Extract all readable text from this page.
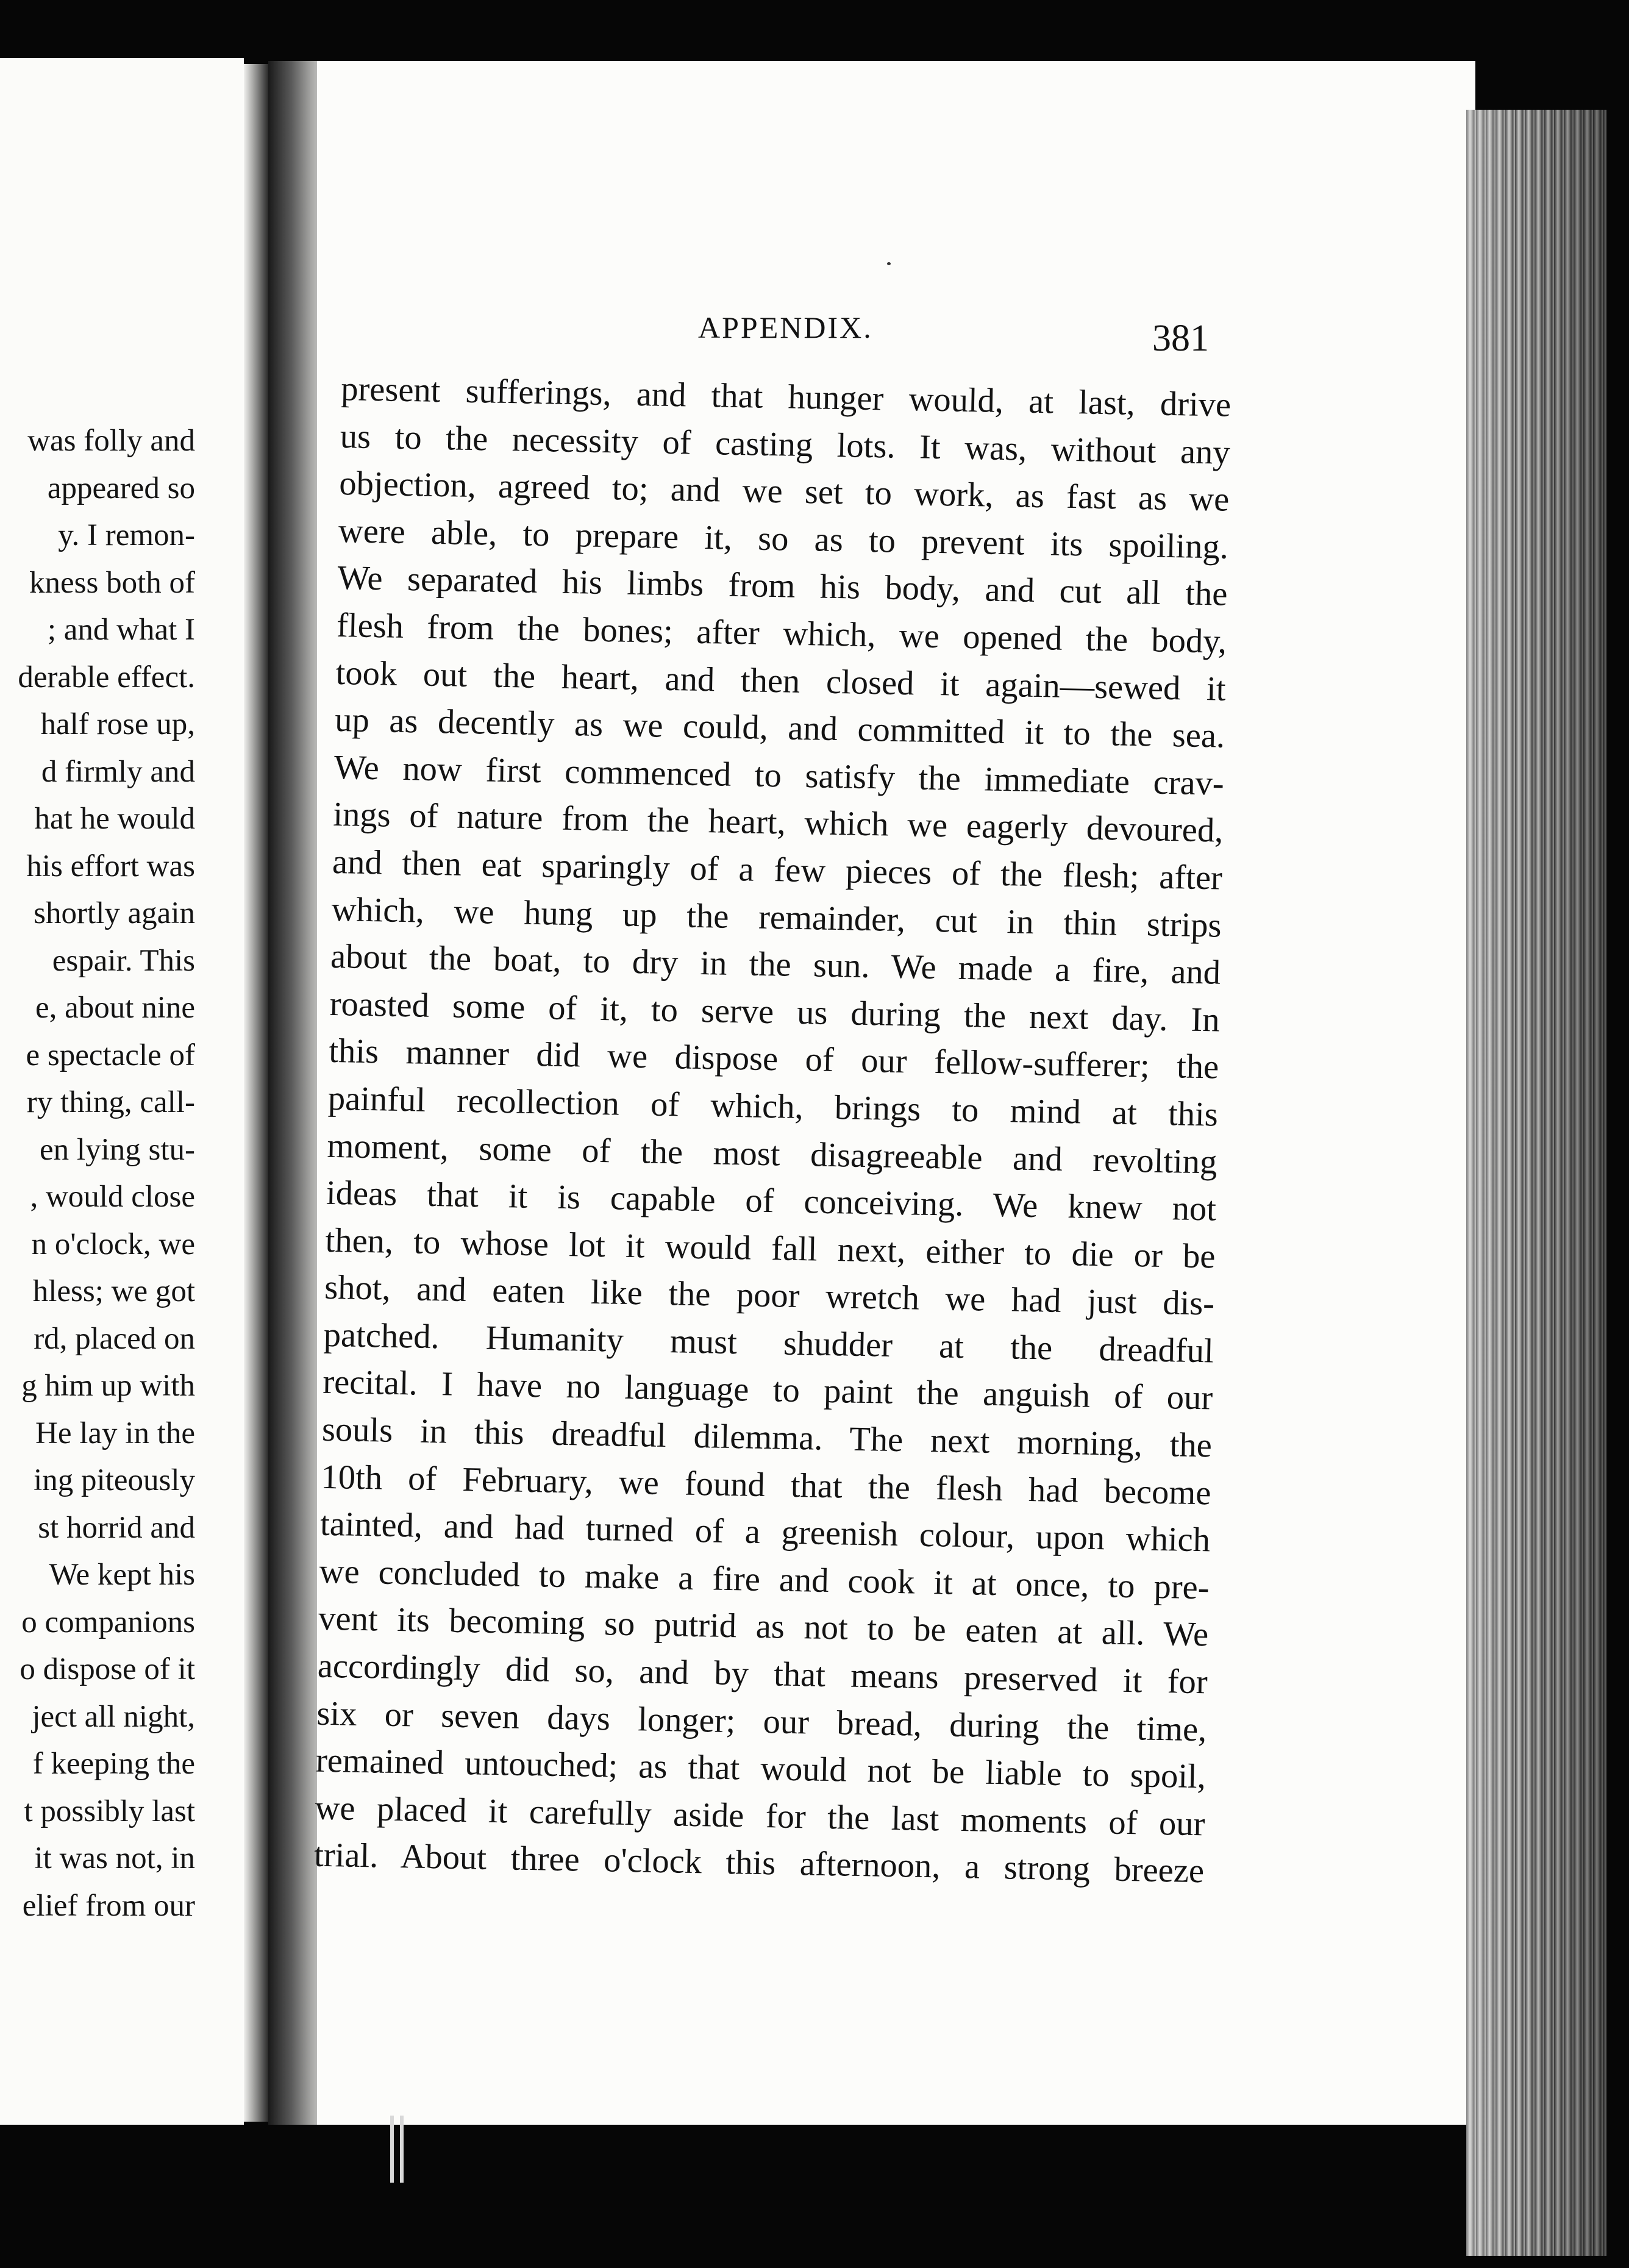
was folly and
appeared so
y. I remon-
kness both of
; and what I
derable effect.
half rose up,
d firmly and
hat he would
his effort was
shortly again
espair. This
e, about nine
e spectacle of
ry thing, call-
en lying stu-
, would close
n o'clock, we
hless; we got
rd, placed on
g him up with
He lay in the
ing piteously
st horrid and
We kept his
o companions
o dispose of it
ject all night,
f keeping the
t possibly last
it was not, in
elief from our
APPENDIX.	381
present sufferings, and that hunger would, at last, drive
us to the necessity of casting lots. It was, without any
objection, agreed to; and we set to work, as fast as we
were able, to prepare it, so as to prevent its spoiling.
We separated his limbs from his body, and cut all the
flesh from the bones; after which, we opened the body,
took out the heart, and then closed it again—sewed it
up as decently as we could, and committed it to the sea.
We now first commenced to satisfy the immediate crav-
ings of nature from the heart, which we eagerly devoured,
and then eat sparingly of a few pieces of the flesh; after
which, we hung up the remainder, cut in thin strips
about the boat, to dry in the sun. We made a fire, and
roasted some of it, to serve us during the next day. In
this manner did we dispose of our fellow-sufferer; the
painful recollection of which, brings to mind at this
moment, some of the most disagreeable and revolting
ideas that it is capable of conceiving. We knew not
then, to whose lot it would fall next, either to die or be
shot, and eaten like the poor wretch we had just dis-
patched. Humanity must shudder at the dreadful
recital. I have no language to paint the anguish of our
souls in this dreadful dilemma. The next morning, the
10th of February, we found that the flesh had become
tainted, and had turned of a greenish colour, upon which
we concluded to make a fire and cook it at once, to pre-
vent its becoming so putrid as not to be eaten at all. We
accordingly did so, and by that means preserved it for
six or seven days longer; our bread, during the time,
remained untouched; as that would not be liable to spoil,
we placed it carefully aside for the last moments of our
trial. About three o'clock this afternoon, a strong breeze
